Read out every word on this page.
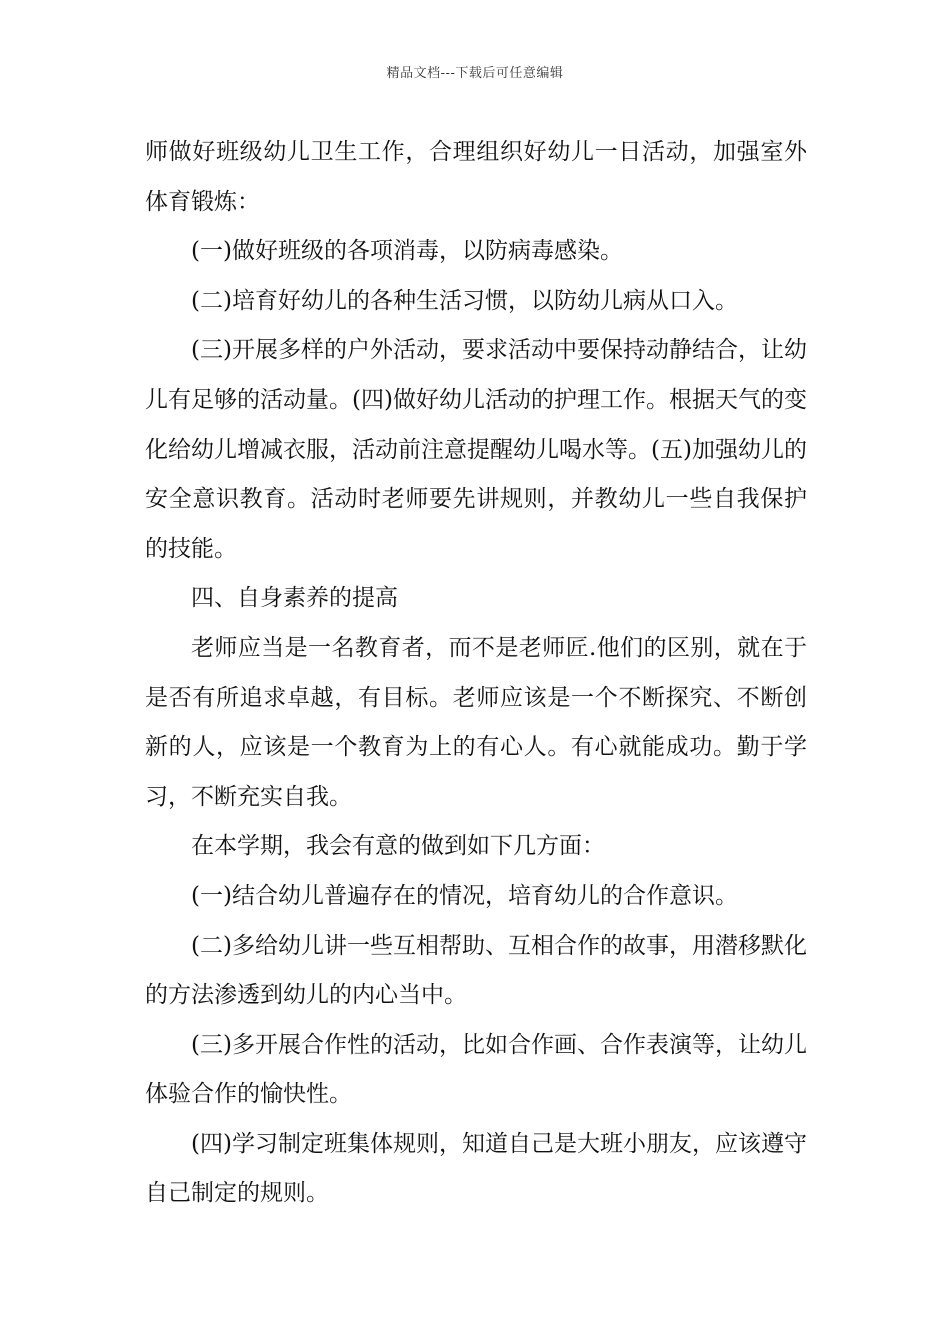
精品文档---下载后可任意编辑

师做好班级幼儿卫生工作，合理组织好幼儿一日活动，加强室外体育锻炼：

(一)做好班级的各项消毒，以防病毒感染。

(二)培育好幼儿的各种生活习惯，以防幼儿病从口入。

(三)开展多样的户外活动，要求活动中要保持动静结合，让幼儿有足够的活动量。(四)做好幼儿活动的护理工作。根据天气的变化给幼儿增减衣服，活动前注意提醒幼儿喝水等。(五)加强幼儿的安全意识教育。活动时老师要先讲规则，并教幼儿一些自我保护的技能。

四、自身素养的提高

老师应当是一名教育者，而不是老师匠.他们的区别，就在于是否有所追求卓越，有目标。老师应该是一个不断探究、不断创新的人，应该是一个教育为上的有心人。有心就能成功。勤于学习，不断充实自我。

在本学期，我会有意的做到如下几方面：

(一)结合幼儿普遍存在的情况，培育幼儿的合作意识。

(二)多给幼儿讲一些互相帮助、互相合作的故事，用潜移默化的方法渗透到幼儿的内心当中。

(三)多开展合作性的活动，比如合作画、合作表演等，让幼儿体验合作的愉快性。

(四)学习制定班集体规则，知道自己是大班小朋友，应该遵守自己制定的规则。
